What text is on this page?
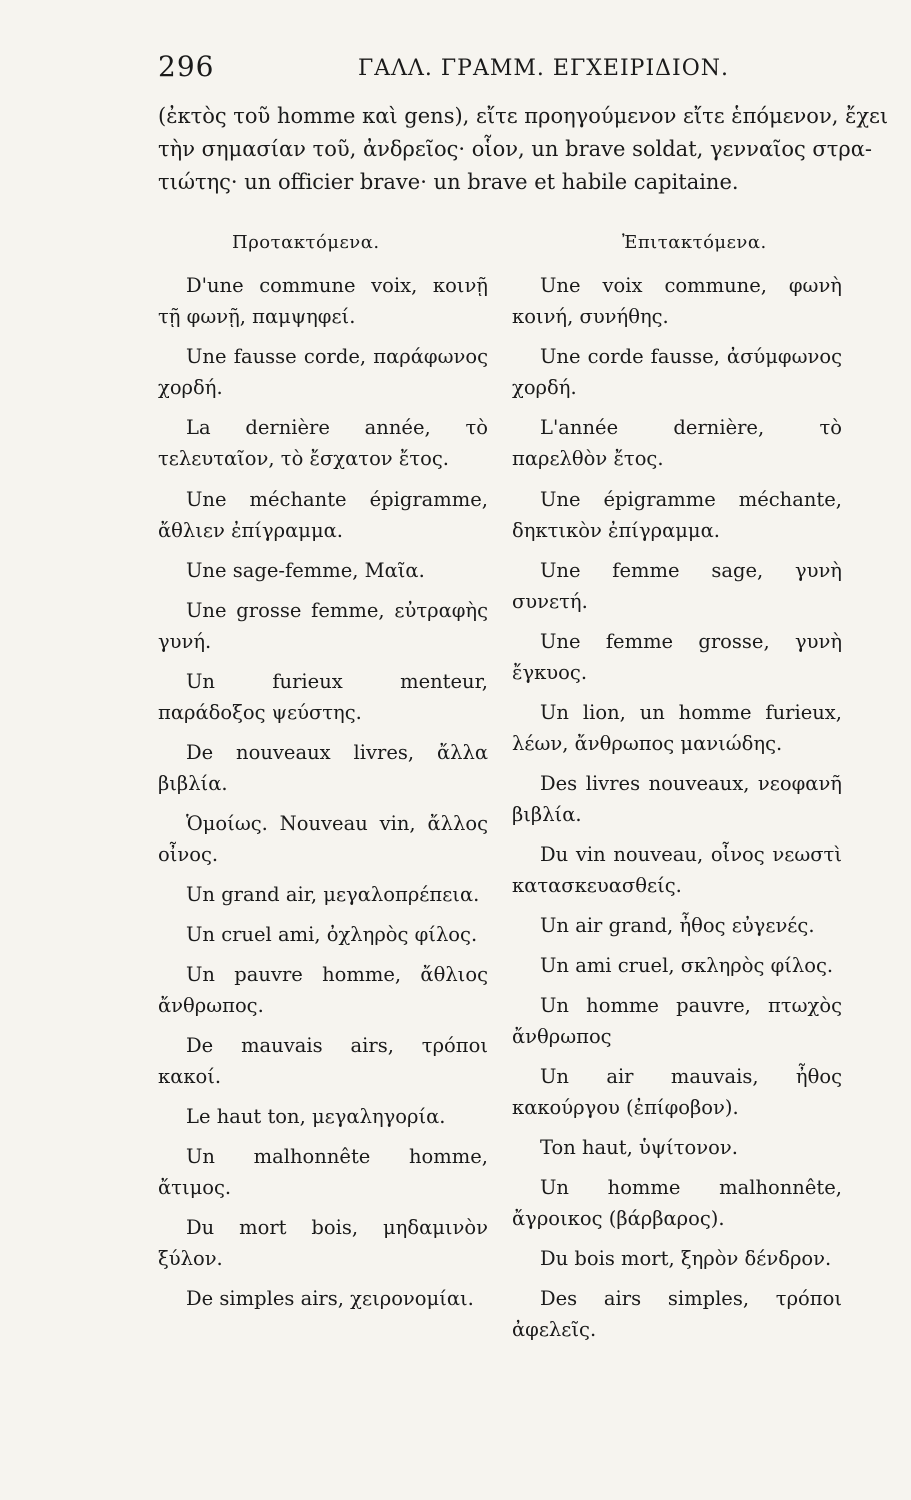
296	ΓΑΛΛ. ΓΡΑΜΜ. ΕΓΧΕΙΡΙΔΙΟΝ.
(ἐκτὸς τοῦ homme καὶ gens), εἴτε προηγούμενον εἴτε ἑπόμενον, ἔχει
τὴν σημασίαν τοῦ, ἀνδρεῖος· οἷον, un brave soldat, γενναῖος στρα-
τιώτης· un officier brave· un brave et habile capitaine.
Προτακτόμενα.	Ἐπιτακτόμενα.
D'une commune voix, κοινῇ τῇ φωνῇ, παμψηφεί.
Une fausse corde, παράφωνος χορδή.
La dernière année, τὸ τελευταῖον, τὸ ἔσχατον ἔτος.
Une méchante épigramme, ἄθλιεν ἐπίγραμμα.
Une sage-femme, Μαῖα.
Une grosse femme, εὐτραφὴς γυνή.
Un furieux menteur, παράδοξος ψεύστης.
De nouveaux livres, ἄλλα βιβλία.
Ὁμοίως. Nouveau vin, ἄλλος οἶνος.
Un grand air, μεγαλοπρέπεια.
Un cruel ami, ὀχληρὸς φίλος.
Un pauvre homme, ἄθλιος ἄνθρωπος.
De mauvais airs, τρόποι κακοί.
Le haut ton, μεγαληγορία.
Un malhonnête homme, ἄτιμος.
Du mort bois, μηδαμινὸν ξύλον.
De simples airs, χειρονομίαι.
Une voix commune, φωνὴ κοινή, συνήθης.
Une corde fausse, ἀσύμφωνος χορδή.
L'année dernière, τὸ παρελθὸν ἔτος.
Une épigramme méchante, δηκτικὸν ἐπίγραμμα.
Une femme sage, γυνὴ συνετή.
Une femme grosse, γυνὴ ἔγκυος.
Un lion, un homme furieux, λέων, ἄνθρωπος μανιώδης.
Des livres nouveaux, νεοφανῆ βιβλία.
Du vin nouveau, οἶνος νεωστὶ κατασκευασθείς.
Un air grand, ἦθος εὐγενές.
Un ami cruel, σκληρὸς φίλος.
Un homme pauvre, πτωχὸς ἄνθρωπος
Un air mauvais, ἦθος κακούργου (ἐπίφοβον).
Ton haut, ὑψίτονον.
Un homme malhonnête, ἄγροικος (βάρβαρος).
Du bois mort, ξηρὸν δένδρον.
Des airs simples, τρόποι ἀφελεῖς.
